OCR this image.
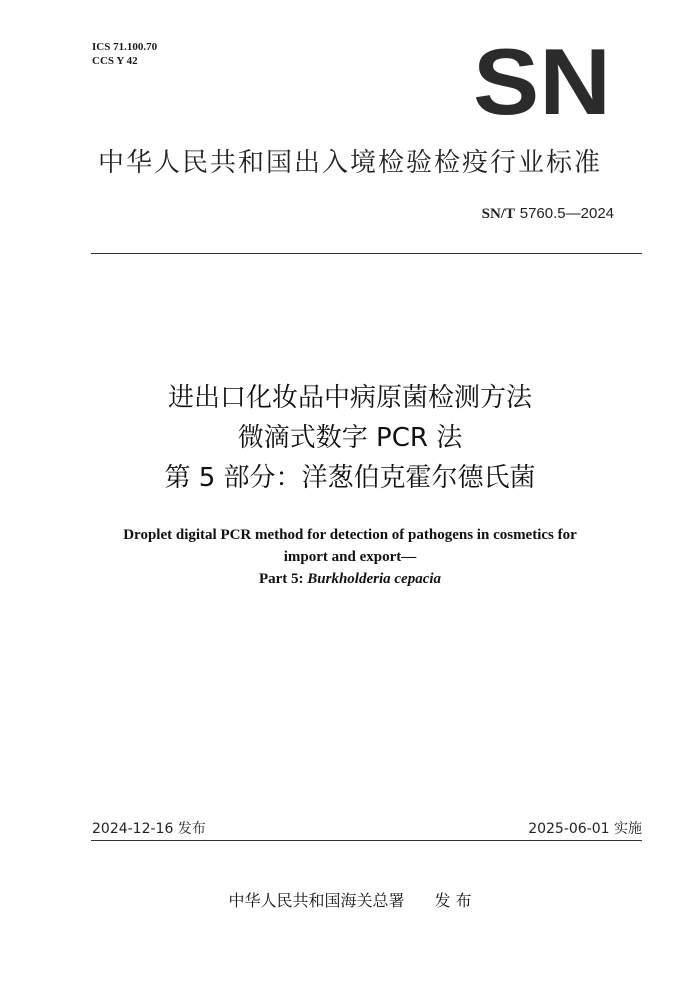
ICS 71.100.70
CCS Y 42	SN
中华人民共和国出入境检验检疫行业标准
SN/T 5760.5—2024
进出口化妆品中病原菌检测方法
微滴式数字 PCR 法
第 5 部分：洋葱伯克霍尔德氏菌
Droplet digital PCR method for detection of pathogens in cosmetics for
import and export—
Part 5: Burkholderia cepacia
2024-12-16 发布	2025-06-01 实施
中华人民共和国海关总署 发 布
